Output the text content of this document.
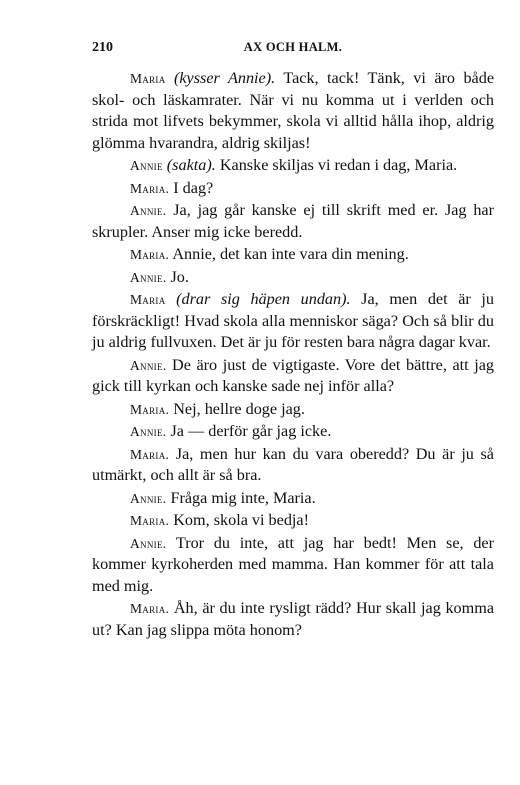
210	AX OCH HALM.

Maria (kysser Annie). Tack, tack! Tänk, vi äro både skol- och läskamrater. När vi nu komma ut i verlden och strida mot lifvets bekymmer, skola vi alltid hålla ihop, aldrig glömma hvarandra, aldrig skiljas!

Annie (sakta). Kanske skiljas vi redan i dag, Maria.

Maria. I dag?

Annie. Ja, jag går kanske ej till skrift med er. Jag har skrupler. Anser mig icke beredd.

Maria. Annie, det kan inte vara din mening.

Annie. Jo.

Maria (drar sig häpen undan). Ja, men det är ju förskräckligt! Hvad skola alla menniskor säga? Och så blir du ju aldrig fullvuxen. Det är ju för resten bara några dagar kvar.

Annie. De äro just de vigtigaste. Vore det bättre, att jag gick till kyrkan och kanske sade nej inför alla?

Maria. Nej, hellre doge jag.

Annie. Ja — derför går jag icke.

Maria. Ja, men hur kan du vara oberedd? Du är ju så utmärkt, och allt är så bra.

Annie. Fråga mig inte, Maria.

Maria. Kom, skola vi bedja!

Annie. Tror du inte, att jag har bedt! Men se, der kommer kyrkoherden med mamma. Han kommer för att tala med mig.

Maria. Åh, är du inte rysligt rädd? Hur skall jag komma ut? Kan jag slippa möta honom?
